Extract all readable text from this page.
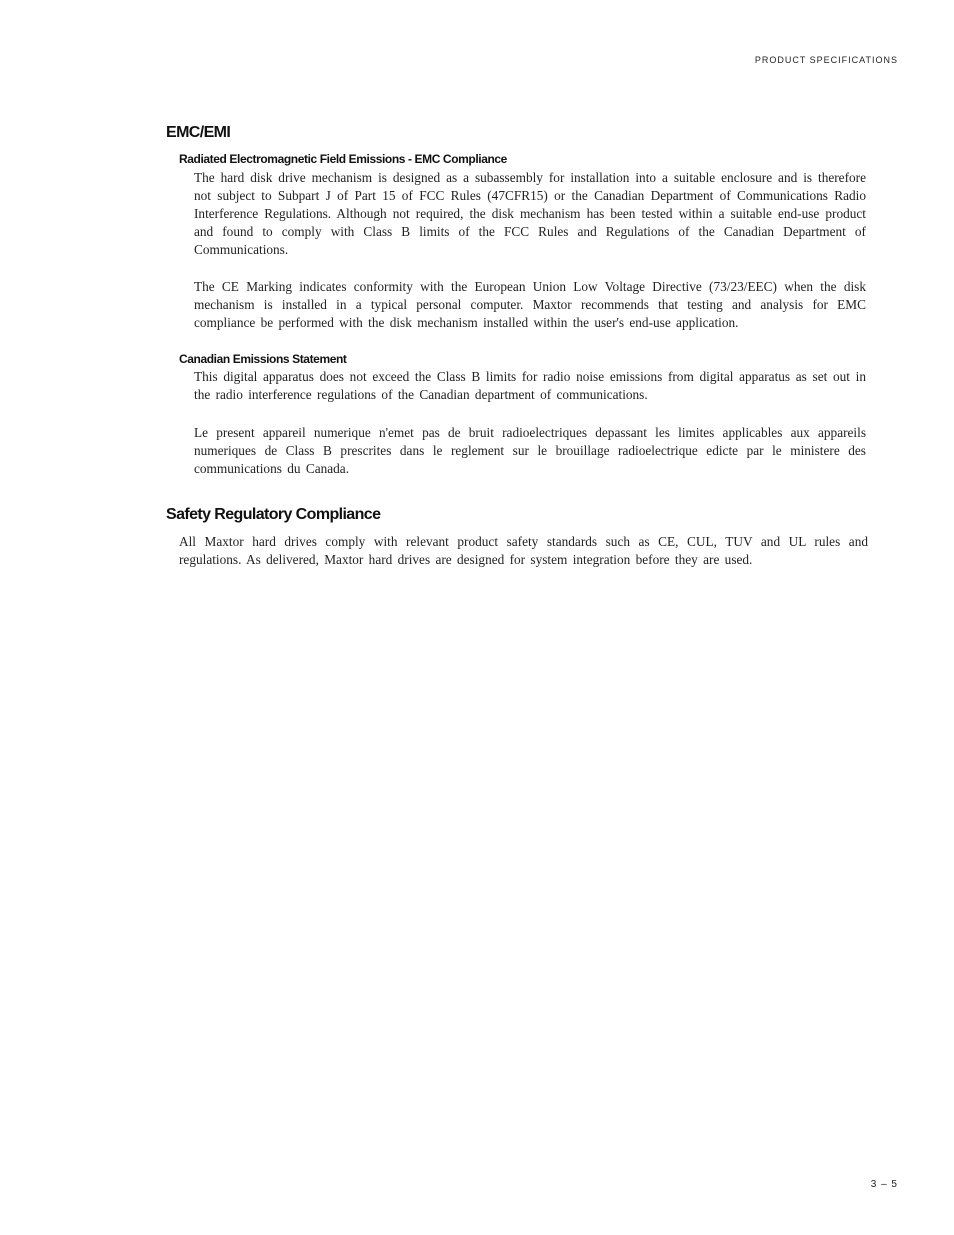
PRODUCT SPECIFICATIONS
EMC/EMI
Radiated Electromagnetic Field Emissions - EMC Compliance

The hard disk drive mechanism is designed as a subassembly for installation into a suitable enclosure and is therefore not subject to Subpart J of Part 15 of FCC Rules (47CFR15) or the Canadian Department of Communications Radio Interference Regulations. Although not required, the disk mechanism has been tested within a suitable end-use product and found to comply with Class B limits of the FCC Rules and Regulations of the Canadian Department of Communications.

The CE Marking indicates conformity with the European Union Low Voltage Directive (73/23/EEC) when the disk mechanism is installed in a typical personal computer. Maxtor recommends that testing and analysis for EMC compliance be performed with the disk mechanism installed within the user's end-use application.

Canadian Emissions Statement

This digital apparatus does not exceed the Class B limits for radio noise emissions from digital apparatus as set out in the radio interference regulations of the Canadian department of communications.

Le present appareil numerique n'emet pas de bruit radioelectriques depassant les limites applicables aux appareils numeriques de Class B prescrites dans le reglement sur le brouillage radioelectrique edicte par le ministere des communications du Canada.

Safety Regulatory Compliance

All Maxtor hard drives comply with relevant product safety standards such as CE, CUL, TUV and UL rules and regulations. As delivered, Maxtor hard drives are designed for system integration before they are used.

3 – 5
